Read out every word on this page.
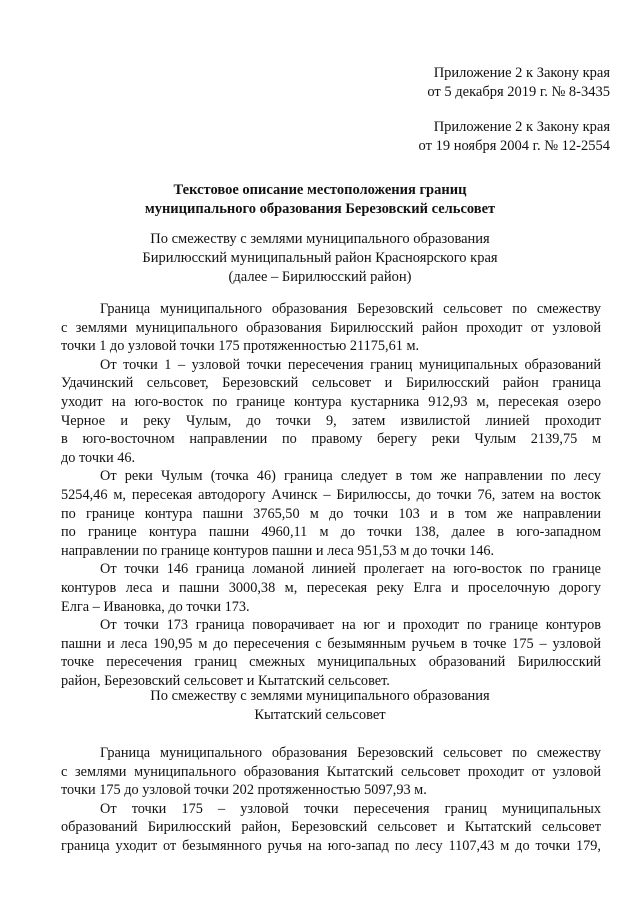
Приложение 2 к Закону края
от 5 декабря 2019 г. № 8-3435
Приложение 2 к Закону края
от 19 ноября 2004 г. № 12-2554
Текстовое описание местоположения границ
муниципального образования Березовский сельсовет
По смежеству с землями муниципального образования
Бирилюсский муниципальный район Красноярского края
(далее – Бирилюсский район)
Граница муниципального образования Березовский сельсовет по смежеству
с землями муниципального образования Бирилюсский район проходит от узловой
точки 1 до узловой точки 175 протяженностью 21175,61 м.
От точки 1 – узловой точки пересечения границ муниципальных образований
Удачинский сельсовет, Березовский сельсовет и Бирилюсский район граница
уходит на юго-восток по границе контура кустарника 912,93 м, пересекая озеро
Черное и реку Чулым, до точки 9, затем извилистой линией проходит
в юго-восточном направлении по правому берегу реки Чулым 2139,75 м
до точки 46.
От реки Чулым (точка 46) граница следует в том же направлении по лесу
5254,46 м, пересекая автодорогу Ачинск – Бирилюссы, до точки 76, затем на восток
по границе контура пашни 3765,50 м до точки 103 и в том же направлении
по границе контура пашни 4960,11 м до точки 138, далее в юго-западном
направлении по границе контуров пашни и леса 951,53 м до точки 146.
От точки 146 граница ломаной линией пролегает на юго-восток по границе
контуров леса и пашни 3000,38 м, пересекая реку Елга и проселочную дорогу
Елга – Ивановка, до точки 173.
От точки 173 граница поворачивает на юг и проходит по границе контуров
пашни и леса 190,95 м до пересечения с безымянным ручьем в точке 175 – узловой
точке пересечения границ смежных муниципальных образований Бирилюсский
район, Березовский сельсовет и Кытатский сельсовет.
По смежеству с землями муниципального образования
Кытатский сельсовет
Граница муниципального образования Березовский сельсовет по смежеству
с землями муниципального образования Кытатский сельсовет проходит от узловой
точки 175 до узловой точки 202 протяженностью 5097,93 м.
От точки 175 – узловой точки пересечения границ муниципальных
образований Бирилюсский район, Березовский сельсовет и Кытатский сельсовет
граница уходит от безымянного ручья на юго-запад по лесу 1107,43 м до точки 179,
